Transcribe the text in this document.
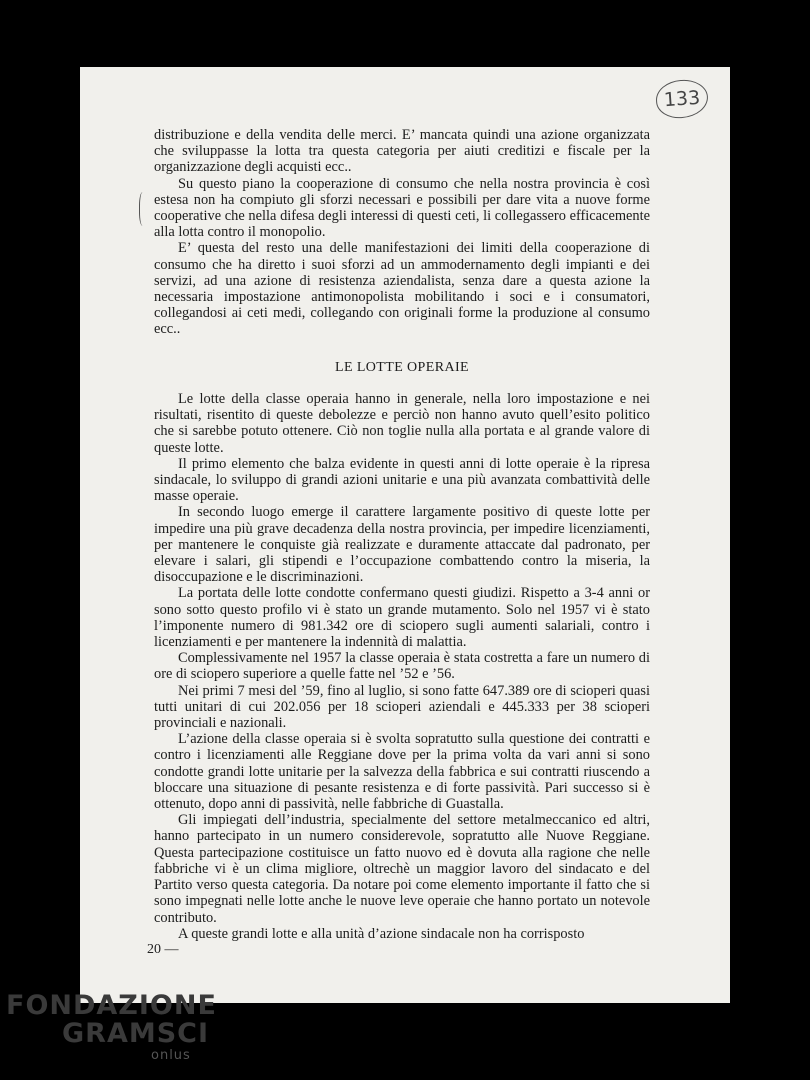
133

distribuzione e della vendita delle merci. E’ mancata quindi una azione organizzata che sviluppasse la lotta tra questa categoria per aiuti creditizi e fiscale per la organizzazione degli acquisti ecc..

Su questo piano la cooperazione di consumo che nella nostra provincia è così estesa non ha compiuto gli sforzi necessari e possibili per dare vita a nuove forme cooperative che nella difesa degli interessi di questi ceti, li collegassero efficacemente alla lotta contro il monopolio.

E’ questa del resto una delle manifestazioni dei limiti della cooperazione di consumo che ha diretto i suoi sforzi ad un ammodernamento degli impianti e dei servizi, ad una azione di resistenza aziendalista, senza dare a questa azione la necessaria impostazione antimonopolista mobilitando i soci e i consumatori, collegandosi ai ceti medi, collegando con originali forme la produzione al consumo ecc..

LE LOTTE OPERAIE

Le lotte della classe operaia hanno in generale, nella loro impostazione e nei risultati, risentito di queste debolezze e perciò non hanno avuto quell’esito politico che si sarebbe potuto ottenere. Ciò non toglie nulla alla portata e al grande valore di queste lotte.

Il primo elemento che balza evidente in questi anni di lotte operaie è la ripresa sindacale, lo sviluppo di grandi azioni unitarie e una più avanzata combattività delle masse operaie.

In secondo luogo emerge il carattere largamente positivo di queste lotte per impedire una più grave decadenza della nostra provincia, per impedire licenziamenti, per mantenere le conquiste già realizzate e duramente attaccate dal padronato, per elevare i salari, gli stipendi e l’occupazione combattendo contro la miseria, la disoccupazione e le discriminazioni.

La portata delle lotte condotte confermano questi giudizi. Rispetto a 3-4 anni or sono sotto questo profilo vi è stato un grande mutamento. Solo nel 1957 vi è stato l’imponente numero di 981.342 ore di sciopero sugli aumenti salariali, contro i licenziamenti e per mantenere la indennità di malattia.

Complessivamente nel 1957 la classe operaia è stata costretta a fare un numero di ore di sciopero superiore a quelle fatte nel ’52 e ’56.

Nei primi 7 mesi del ’59, fino al luglio, si sono fatte 647.389 ore di scioperi quasi tutti unitari di cui 202.056 per 18 scioperi aziendali e 445.333 per 38 scioperi provinciali e nazionali.

L’azione della classe operaia si è svolta sopratutto sulla questione dei contratti e contro i licenziamenti alle Reggiane dove per la prima volta da vari anni si sono condotte grandi lotte unitarie per la salvezza della fabbrica e sui contratti riuscendo a bloccare una situazione di pesante resistenza e di forte passività. Pari successo si è ottenuto, dopo anni di passività, nelle fabbriche di Guastalla.

Gli impiegati dell’industria, specialmente del settore metalmeccanico ed altri, hanno partecipato in un numero considerevole, sopratutto alle Nuove Reggiane. Questa partecipazione costituisce un fatto nuovo ed è dovuta alla ragione che nelle fabbriche vi è un clima migliore, oltrechè un maggior lavoro del sindacato e del Partito verso questa categoria. Da notare poi come elemento importante il fatto che si sono impegnati nelle lotte anche le nuove leve operaie che hanno portato un notevole contributo.

A queste grandi lotte e alla unità d’azione sindacale non ha corrisposto

20 —
FONDAZIONE
GRAMSCI
onlus
